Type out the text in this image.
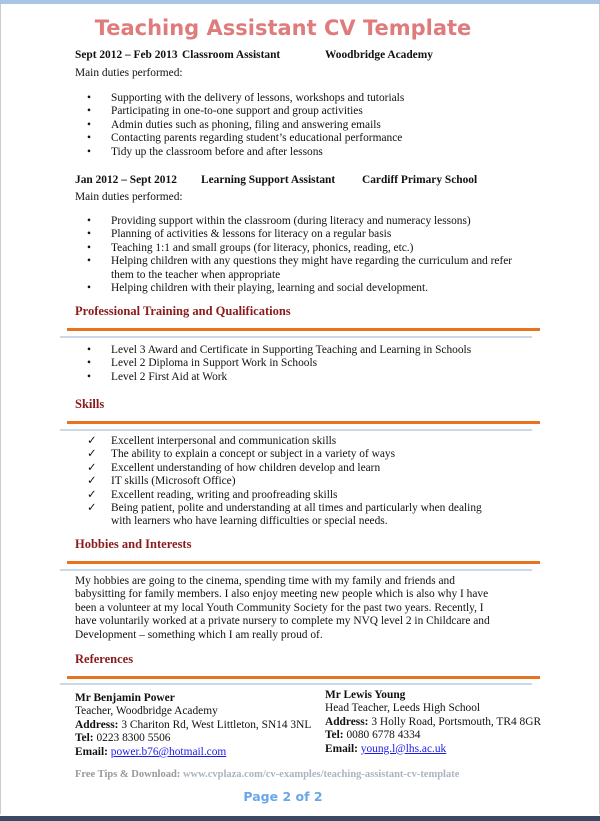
Teaching Assistant CV Template
Sept 2012 – Feb 2013 Classroom Assistant	Woodbridge Academy
Main duties performed:
• Supporting with the delivery of lessons, workshops and tutorials
• Participating in one-to-one support and group activities
• Admin duties such as phoning, filing and answering emails
• Contacting parents regarding student’s educational performance
• Tidy up the classroom before and after lessons
Jan 2012 – Sept 2012 Learning Support Assistant Cardiff Primary School
Main duties performed:
• Providing support within the classroom (during literacy and numeracy lessons)
• Planning of activities & lessons for literacy on a regular basis
• Teaching 1:1 and small groups (for literacy, phonics, reading, etc.)
• Helping children with any questions they might have regarding the curriculum and refer them to the teacher when appropriate
• Helping children with their playing, learning and social development.
Professional Training and Qualifications
• Level 3 Award and Certificate in Supporting Teaching and Learning in Schools
• Level 2 Diploma in Support Work in Schools
• Level 2 First Aid at Work
Skills
✓ Excellent interpersonal and communication skills
✓ The ability to explain a concept or subject in a variety of ways
✓ Excellent understanding of how children develop and learn
✓ IT skills (Microsoft Office)
✓ Excellent reading, writing and proofreading skills
✓ Being patient, polite and understanding at all times and particularly when dealing with learners who have learning difficulties or special needs.
Hobbies and Interests
My hobbies are going to the cinema, spending time with my family and friends and babysitting for family members. I also enjoy meeting new people which is also why I have been a volunteer at my local Youth Community Society for the past two years. Recently, I have voluntarily worked at a private nursery to complete my NVQ level 2 in Childcare and Development – something which I am really proud of.
References
Mr Benjamin Power
Teacher, Woodbridge Academy
Address: 3 Chariton Rd, West Littleton, SN14 3NL
Tel: 0223 8300 5506
Email: power.b76@hotmail.com
Mr Lewis Young
Head Teacher, Leeds High School
Address: 3 Holly Road, Portsmouth, TR4 8GR
Tel: 0080 6778 4334
Email: young.l@lhs.ac.uk
Free Tips & Download: www.cvplaza.com/cv-examples/teaching-assistant-cv-template
Page 2 of 2
